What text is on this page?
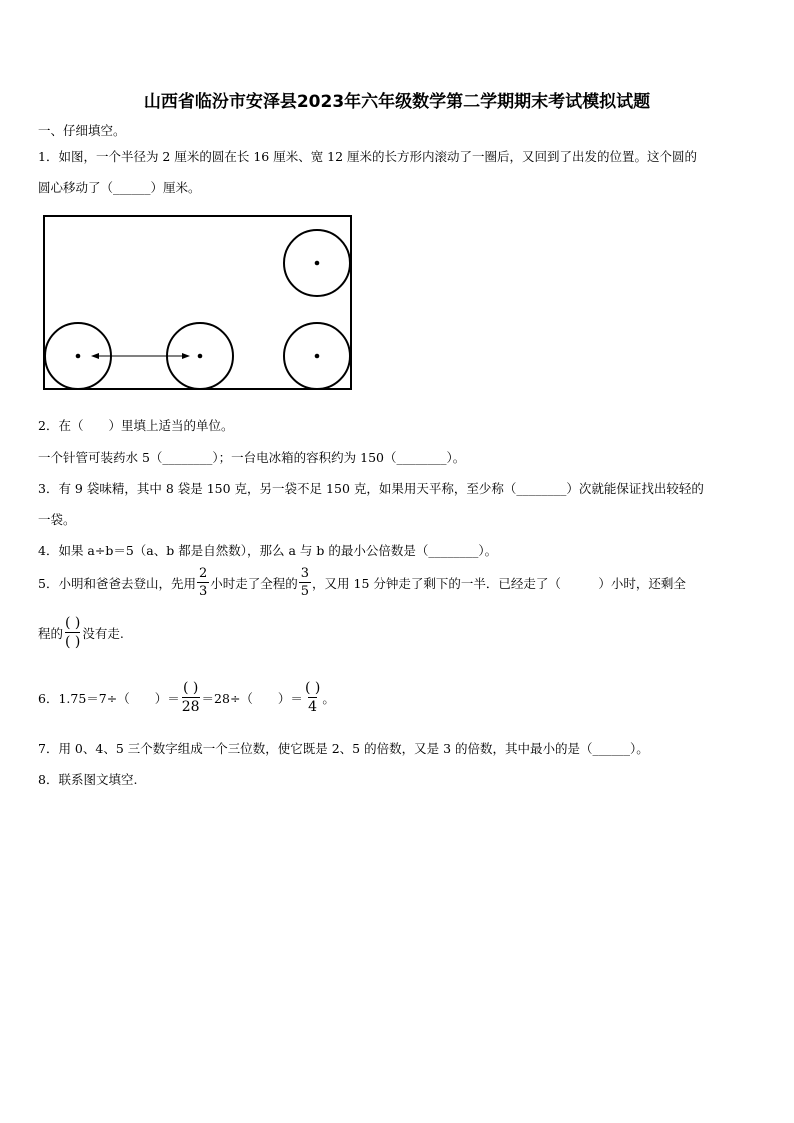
山西省临汾市安泽县2023年六年级数学第二学期期末考试模拟试题
一、仔细填空。
1．如图，一个半径为 2 厘米的圆在长 16 厘米、宽 12 厘米的长方形内滚动了一圈后，又回到了出发的位置。这个圆的
圆心移动了（______）厘米。
2．在（　　）里填上适当的单位。
一个针管可装药水 5（________）；一台电冰箱的容积约为 150（________）。
3．有 9 袋味精，其中 8 袋是 150 克，另一袋不足 150 克，如果用天平称，至少称（________）次就能保证找出较轻的
一袋。
4．如果 a÷b＝5（a、b 都是自然数），那么 a 与 b 的最小公倍数是（________）。
5．小明和爸爸去登山，先用 $\frac{2}{3}$ 小时走了全程的 $\frac{3}{5}$ ，又用 15 分钟走了剩下的一半．已经走了（　　　）小时，还剩全
程的 $\frac{( )}{( )}$ 没有走.
6．1.75＝7÷（　　）＝ $\frac{( )}{28} =28\div$（　　）＝ $\frac{( )}{4}$ 。
7．用 0、4、5 三个数字组成一个三位数，使它既是 2、5 的倍数，又是 3 的倍数，其中最小的是（______）。
8．联系图文填空.
